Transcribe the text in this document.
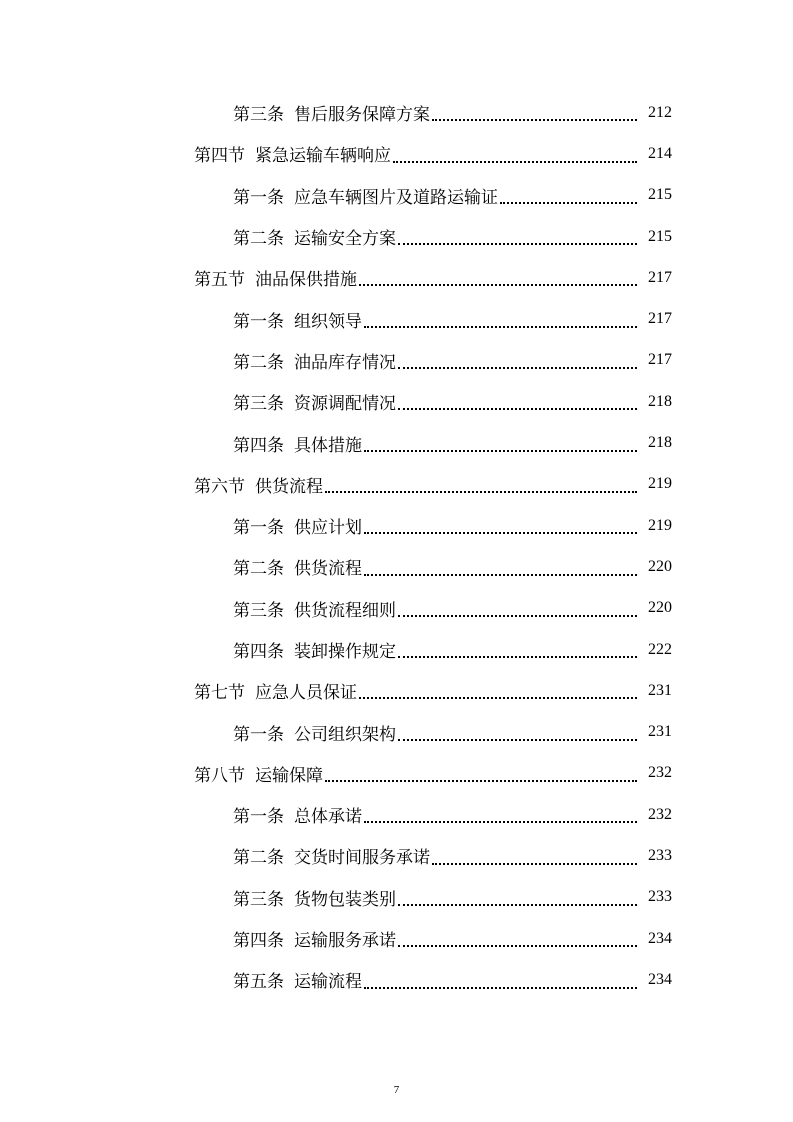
第三条 售后服务保障方案	212
第四节 紧急运输车辆响应	214
第一条 应急车辆图片及道路运输证	215
第二条 运输安全方案	215
第五节 油品保供措施	217
第一条 组织领导	217
第二条 油品库存情况	217
第三条 资源调配情况	218
第四条 具体措施	218
第六节 供货流程	219
第一条 供应计划	219
第二条 供货流程	220
第三条 供货流程细则	220
第四条 装卸操作规定	222
第七节 应急人员保证	231
第一条 公司组织架构	231
第八节 运输保障	232
第一条 总体承诺	232
第二条 交货时间服务承诺	233
第三条 货物包装类别	233
第四条 运输服务承诺	234
第五条 运输流程	234
7
